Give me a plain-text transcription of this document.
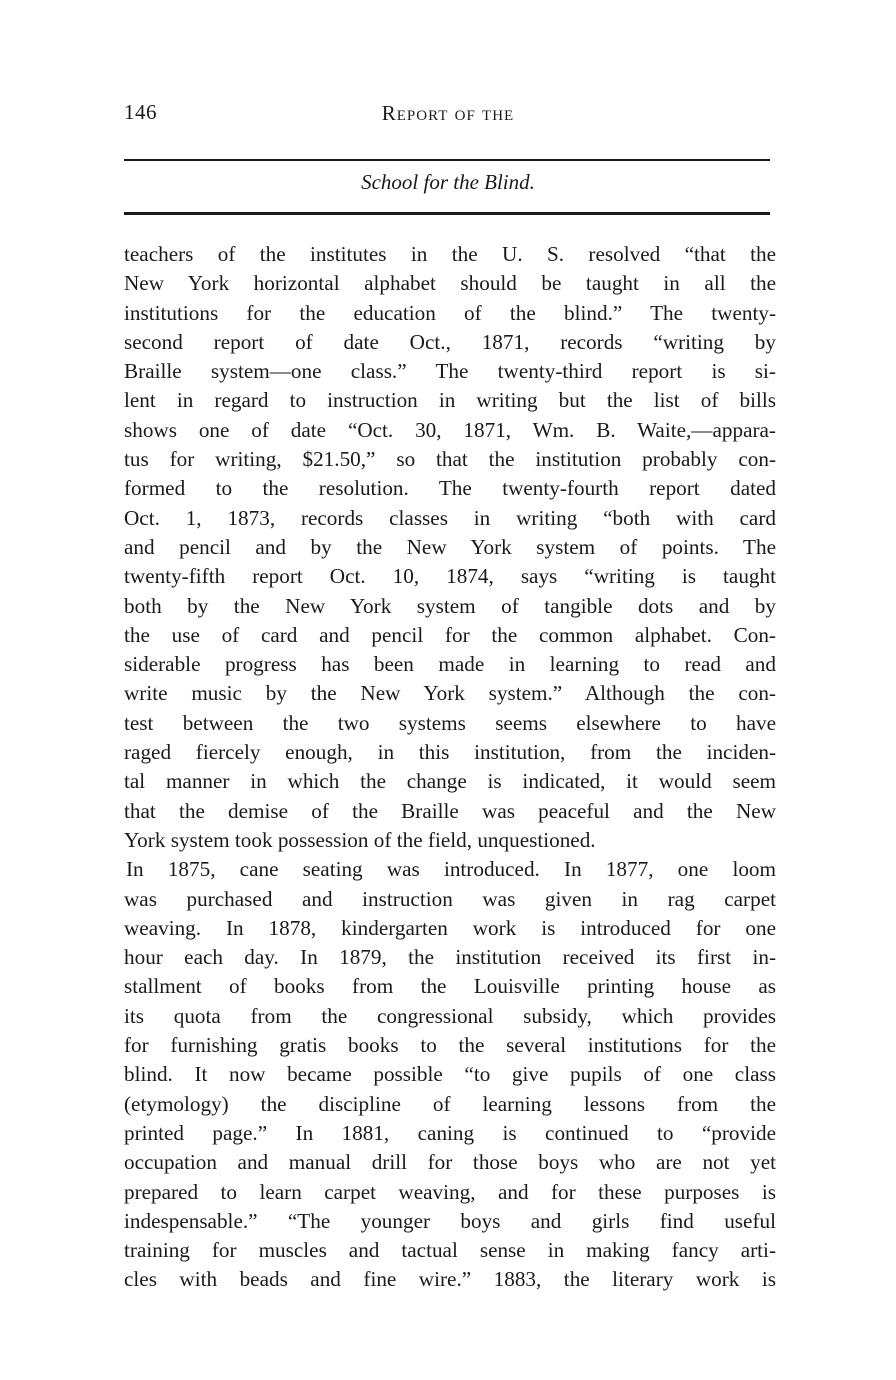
146	Report of the
School for the Blind.
teachers of the institutes in the U. S. resolved “that the
New York horizontal alphabet should be taught in all the
institutions for the education of the blind.” The twenty-
second report of date Oct., 1871, records “writing by
Braille system—one class.” The twenty-third report is si-
lent in regard to instruction in writing but the list of bills
shows one of date “Oct. 30, 1871, Wm. B. Waite,—appara-
tus for writing, $21.50,” so that the institution probably con-
formed to the resolution. The twenty-fourth report dated
Oct. 1, 1873, records classes in writing “both with card
and pencil and by the New York system of points. The
twenty-fifth report Oct. 10, 1874, says “writing is taught
both by the New York system of tangible dots and by
the use of card and pencil for the common alphabet. Con-
siderable progress has been made in learning to read and
write music by the New York system.” Although the con-
test between the two systems seems elsewhere to have
raged fiercely enough, in this institution, from the inciden-
tal manner in which the change is indicated, it would seem
that the demise of the Braille was peaceful and the New
York system took possession of the field, unquestioned.
In 1875, cane seating was introduced. In 1877, one loom
was purchased and instruction was given in rag carpet
weaving. In 1878, kindergarten work is introduced for one
hour each day. In 1879, the institution received its first in-
stallment of books from the Louisville printing house as
its quota from the congressional subsidy, which provides
for furnishing gratis books to the several institutions for the
blind. It now became possible “to give pupils of one class
(etymology) the discipline of learning lessons from the
printed page.” In 1881, caning is continued to “provide
occupation and manual drill for those boys who are not yet
prepared to learn carpet weaving, and for these purposes is
indespensable.” “The younger boys and girls find useful
training for muscles and tactual sense in making fancy arti-
cles with beads and fine wire.” 1883, the literary work is
